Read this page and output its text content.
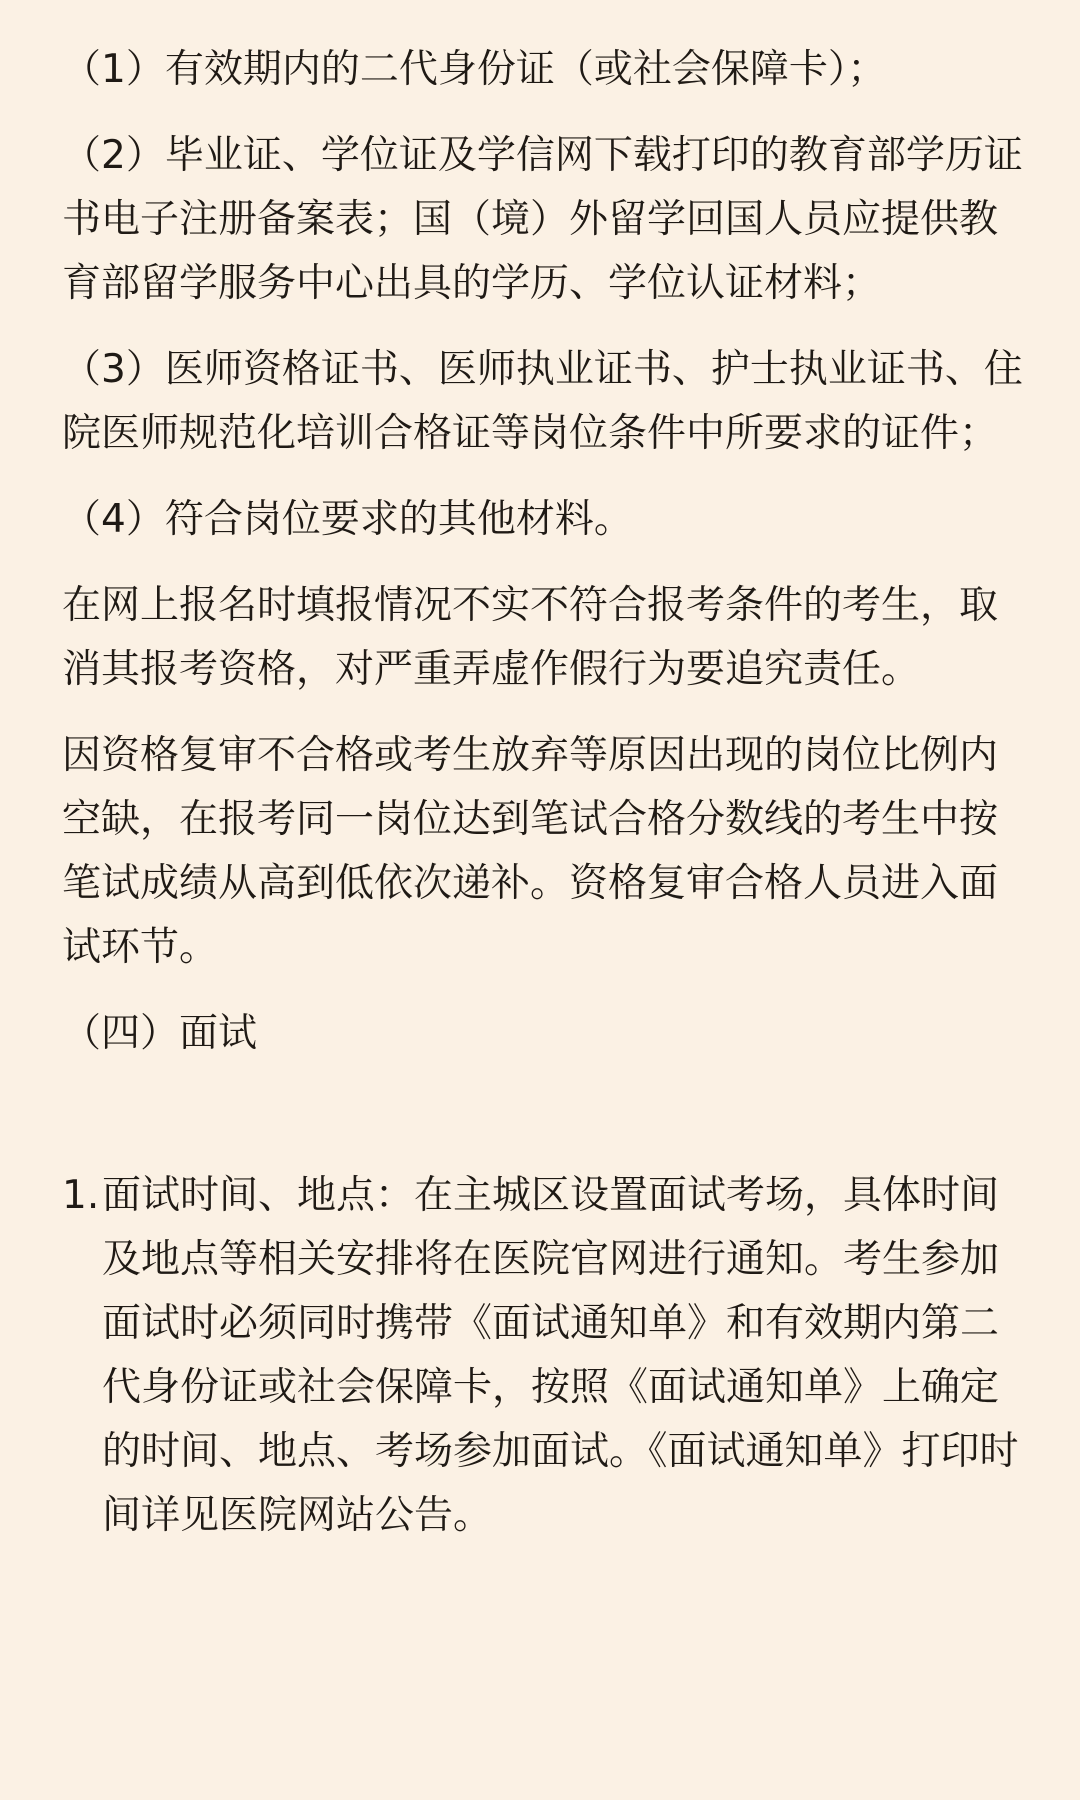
（1）有效期内的二代身份证（或社会保障卡）；

（2）毕业证、学位证及学信网下载打印的教育部学历证书电子注册备案表；国（境）外留学回国人员应提供教育部留学服务中心出具的学历、学位认证材料；

（3）医师资格证书、医师执业证书、护士执业证书、住院医师规范化培训合格证等岗位条件中所要求的证件；

（4）符合岗位要求的其他材料。

在网上报名时填报情况不实不符合报考条件的考生，取消其报考资格，对严重弄虚作假行为要追究责任。

因资格复审不合格或考生放弃等原因出现的岗位比例内空缺，在报考同一岗位达到笔试合格分数线的考生中按笔试成绩从高到低依次递补。资格复审合格人员进入面试环节。

（四）面试

1. 面试时间、地点：在主城区设置面试考场，具体时间及地点等相关安排将在医院官网进行通知。考生参加面试时必须同时携带《面试通知单》和有效期内第二代身份证或社会保障卡，按照《面试通知单》上确定的时间、地点、考场参加面试。《面试通知单》打印时间详见医院网站公告。
